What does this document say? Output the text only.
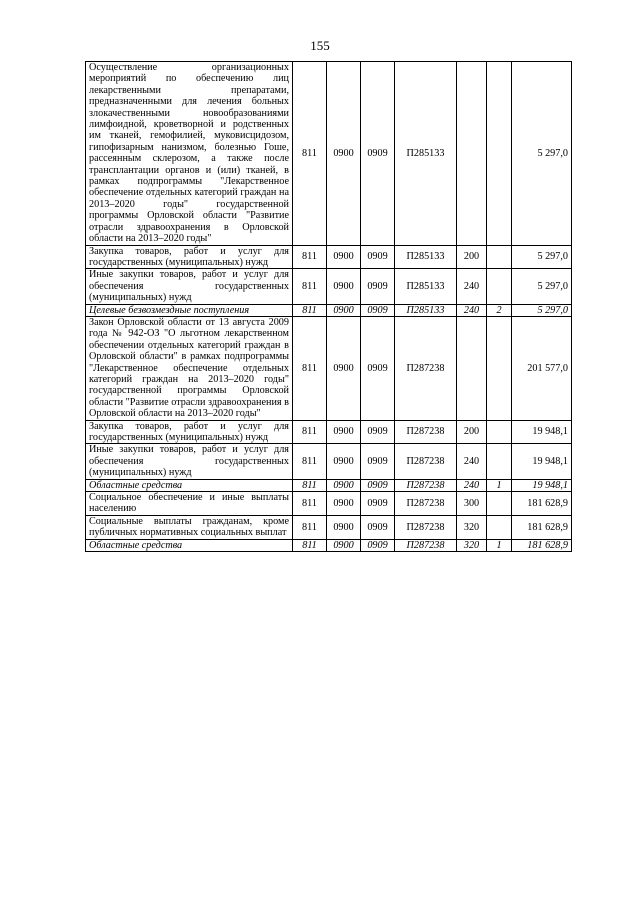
155
Осуществление организационных мероприятий по обеспечению лиц лекарственными препаратами, предназначенными для лечения больных злокачественными новообразованиями лимфоидной, кроветворной и родственных им тканей, гемофилией, муковисцидозом, гипофизарным нанизмом, болезнью Гоше, рассеянным склерозом, а также после трансплантации органов и (или) тканей, в рамках подпрограммы "Лекарственное обеспечение отдельных категорий граждан на 2013–2020 годы" государственной программы Орловской области "Развитие отрасли здравоохранения в Орловской области на 2013–2020 годы"	811	0900	0909	П285133			5 297,0
Закупка товаров, работ и услуг для государственных (муниципальных) нужд	811	0900	0909	П285133	200		5 297,0
Иные закупки товаров, работ и услуг для обеспечения государственных (муниципальных) нужд	811	0900	0909	П285133	240		5 297,0
Целевые безвозмездные поступления	811	0900	0909	П285133	240	2	5 297,0
Закон Орловской области от 13 августа 2009 года № 942-ОЗ "О льготном лекарственном обеспечении отдельных категорий граждан в Орловской области" в рамках подпрограммы "Лекарственное обеспечение отдельных категорий граждан на 2013–2020 годы" государственной программы Орловской области "Развитие отрасли здравоохранения в Орловской области на 2013–2020 годы"	811	0900	0909	П287238			201 577,0
Закупка товаров, работ и услуг для государственных (муниципальных) нужд	811	0900	0909	П287238	200		19 948,1
Иные закупки товаров, работ и услуг для обеспечения государственных (муниципальных) нужд	811	0900	0909	П287238	240		19 948,1
Областные средства	811	0900	0909	П287238	240	1	19 948,1
Социальное обеспечение и иные выплаты населению	811	0900	0909	П287238	300		181 628,9
Социальные выплаты гражданам, кроме публичных нормативных социальных выплат	811	0900	0909	П287238	320		181 628,9
Областные средства	811	0900	0909	П287238	320	1	181 628,9
